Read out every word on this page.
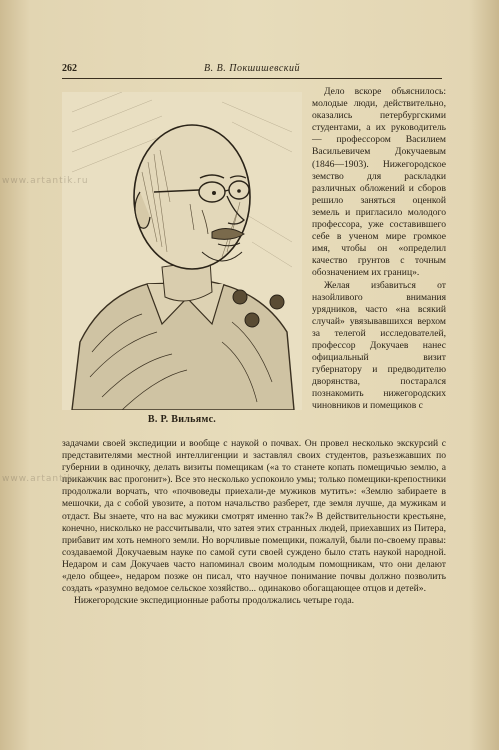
262	В. В. Покшишевский
В. Р. Вильямс.

Дело вскоре объяснилось: молодые люди, действительно, оказались петербургскими студентами, а их руководитель — профессором Василием Васильевичем Докучаевым (1846—1903). Нижегородское земство для раскладки различных обложений и сборов решило заняться оценкой земель и пригласило молодого профессора, уже составившего себе в ученом мире громкое имя, чтобы он «определил качество грунтов с точным обозначением их границ».

Желая избавиться от назойливого внимания урядников, часто «на всякий случай» увязывавшихся верхом за телегой исследователей, профессор Докучаев нанес официальный визит губернатору и предводителю дворянства, постарался познакомить нижегородских чиновников и помещиков с

задачами своей экспедиции и вообще с наукой о почвах. Он провел несколько экскурсий с представителями местной интеллигенции и заставлял своих студентов, разъезжавших по губернии в одиночку, делать визиты помещикам («а то станете копать помещичью землю, а прикажчик вас прогонит»). Все это несколько успокоило умы; только помещики-крепостники продолжали ворчать, что «почвоведы приехали-де мужиков мутить»: «Землю забираете в мешочки, да с собой увозите, а потом начальство разберет, где земля лучше, да мужикам и отдаст. Вы знаете, что на вас мужики смотрят именно так?» В действительности крестьяне, конечно, нисколько не рассчитывали, что затея этих странных людей, приехавших из Питера, прибавит им хоть немного земли. Но ворчливые помещики, пожалуй, были по-своему правы: создаваемой Докучаевым науке по самой сути своей суждено было стать наукой народной. Недаром и сам Докучаев часто напоминал своим молодым помощникам, что они делают «дело общее», недаром позже он писал, что научное понимание почвы должно позволить создать «разумно ведомое сельское хозяйство... одинаково обогащающее отцов и детей».

Нижегородские экспедиционные работы продолжались четыре года.

www.artantik.ru
www.artantik.ru
